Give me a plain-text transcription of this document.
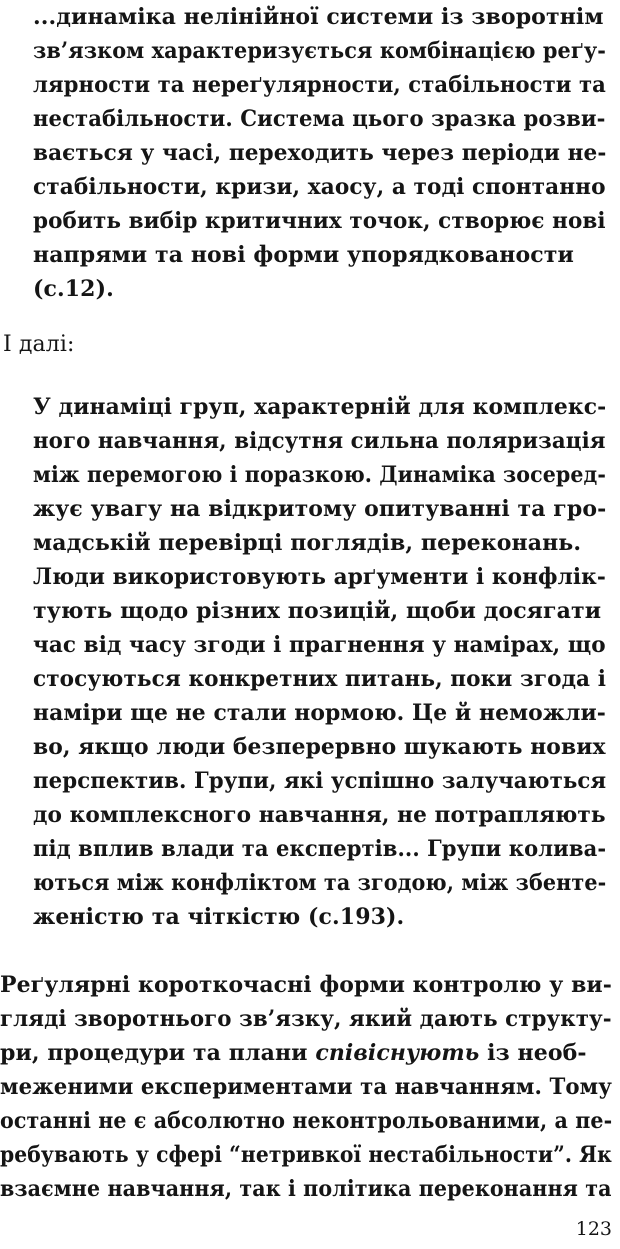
...динаміка нелінійної системи із зворотнім

зв’язком характеризується комбінацією реґу-

лярности та нереґулярности, стабільности та

нестабільности. Система цього зразка розви-

вається у часі, переходить через періоди не-

стабільности, кризи, хаосу, а тоді спонтанно

робить вибір критичних точок, створює нові

напрями та нові форми упорядкованости

(с.12).

І далі:

У динаміці груп, характерній для комплекс-

ного навчання, відсутня сильна поляризація

між перемогою і поразкою. Динаміка зосеред-

жує увагу на відкритому опитуванні та гро-

мадській перевірці поглядів, переконань.

Люди використовують арґументи і конфлік-

тують щодо різних позицій, щоби досягати

час від часу згоди і прагнення у намірах, що

стосуються конкретних питань, поки згода і

наміри ще не стали нормою. Це й неможли-

во, якщо люди безперервно шукають нових

перспектив. Групи, які успішно залучаються

до комплексного навчання, не потрапляють

під вплив влади та експертів... Групи колива-

ються між конфліктом та згодою, між збенте-

женістю та чіткістю (с.193).

Реґулярні короткочасні форми контролю у ви-

гляді зворотнього зв’язку, який дають структу-

ри, процедури та плани співіснують із необ-

меженими експериментами та навчанням. Тому

останні не є абсолютно неконтрольованими, а пе-

ребувають у сфері “нетривкої нестабільности”. Як

взаємне навчання, так і політика переконання та

123
